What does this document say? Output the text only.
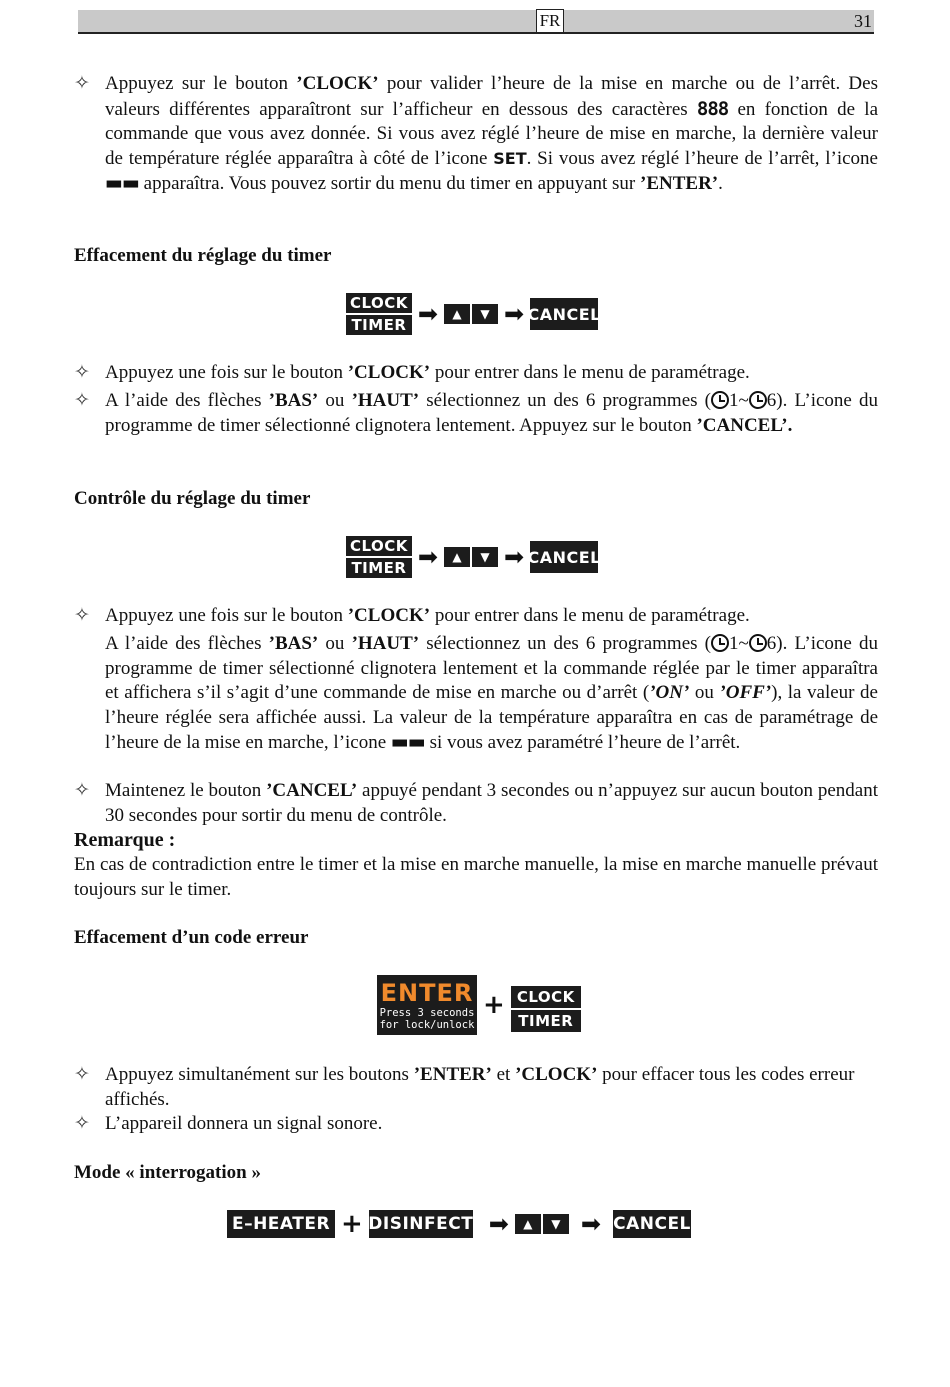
FR	31
✧ Appuyez sur le bouton ’CLOCK’ pour valider l’heure de la mise en marche ou de l’arrêt. Des valeurs différentes apparaîtront sur l’afficheur en dessous des caractères 888 en fonction de la commande que vous avez donnée. Si vous avez réglé l’heure de mise en marche, la dernière valeur de température réglée apparaîtra à côté de l’icone SET. Si vous avez réglé l’heure de l’arrêt, l’icone ▬▬ apparaîtra. Vous pouvez sortir du menu du timer en appuyant sur ’ENTER’.

Effacement du réglage du timer
CLOCK
TIMER ➡	▲	▼ ➡ CANCEL
✧ Appuyez une fois sur le bouton ’CLOCK’ pour entrer dans le menu de paramétrage.

✧ A l’aide des flèches ’BAS’ ou ’HAUT’ sélectionnez un des 6 programmes ( 1~ 6). L’icone du programme de timer sélectionné clignotera lentement. Appuyez sur le bouton ’CANCEL’.

Contrôle du réglage du timer
CLOCK
TIMER ➡	▲	▼ ➡ CANCEL
✧ Appuyez une fois sur le bouton ’CLOCK’ pour entrer dans le menu de paramétrage.

A l’aide des flèches ’BAS’ ou ’HAUT’ sélectionnez un des 6 programmes ( 1~ 6). L’icone du programme de timer sélectionné clignotera lentement et la commande réglée par le timer apparaîtra et affichera s’il s’agit d’une commande de mise en marche ou d’arrêt (’ON’ ou ’OFF’), la valeur de l’heure réglée sera affichée aussi. La valeur de la température apparaîtra en cas de paramétrage de l’heure de la mise en marche, l’icone ▬▬ si vous avez paramétré l’heure de l’arrêt.

✧ Maintenez le bouton ’CANCEL’ appuyé pendant 3 secondes ou n’appuyez sur aucun bouton pendant 30 secondes pour sortir du menu de contrôle.

Remarque :

En cas de contradiction entre le timer et la mise en marche manuelle, la mise en marche manuelle prévaut toujours sur le timer.

Effacement d’un code erreur
ENTER
Press 3 seconds
for lock/unlock
+ CLOCK
TIMER
✧ Appuyez simultanément sur les boutons ’ENTER’ et ’CLOCK’ pour effacer tous les codes erreur affichés.

✧ L’appareil donnera un signal sonore.

Mode « interrogation »
E–HEATER + DISINFECT ➡	▲	▼ ➡ CANCEL
